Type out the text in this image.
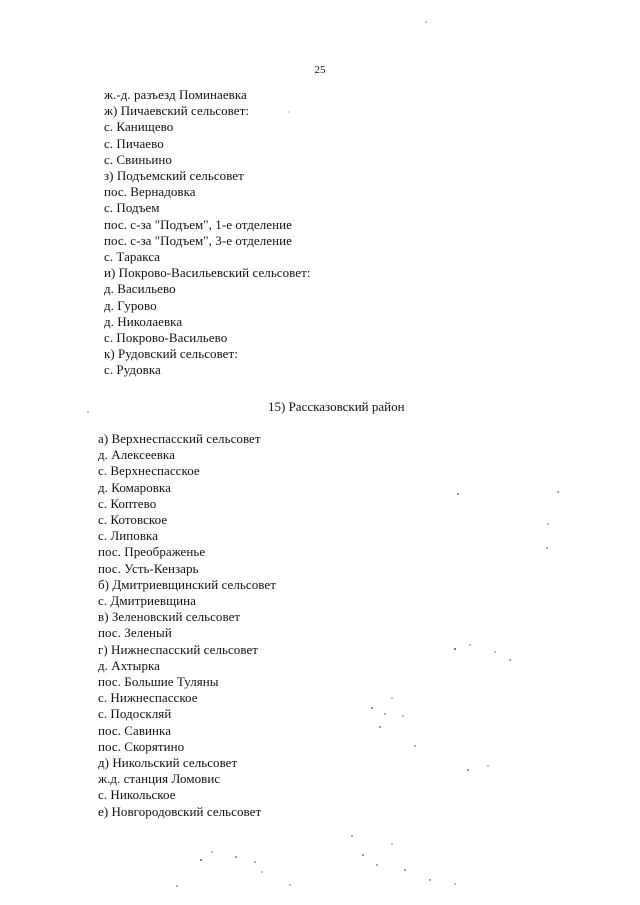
25
ж.-д. разъезд Поминаевка
ж) Пичаевский сельсовет:
с. Канищево
с. Пичаево
с. Свиньино
з) Подъемский сельсовет
пос. Вернадовка
с. Подъем
пос. с-за "Подъем", 1-е отделение
пос. с-за "Подъем", 3-е отделение
с. Таракса
и) Покрово-Васильевский сельсовет:
д. Васильево
д. Гурово
д. Николаевка
с. Покрово-Васильево
к) Рудовский сельсовет:
с. Рудовка
15) Рассказовский район
а) Верхнеспасский сельсовет
д. Алексеевка
с. Верхнеспасское
д. Комаровка
с. Коптево
с. Котовское
с. Липовка
пос. Преображенье
пос. Усть-Кензарь
б) Дмитриевщинский сельсовет
с. Дмитриевщина
в) Зеленовский сельсовет
пос. Зеленый
г) Нижнеспасский сельсовет
д. Ахтырка
пос. Большие Туляны
с. Нижнеспасское
с. Подоскляй
пос. Савинка
пос. Скорятино
д) Никольский сельсовет
ж.д. станция Ломовис
с. Никольское
е) Новгородовский сельсовет
